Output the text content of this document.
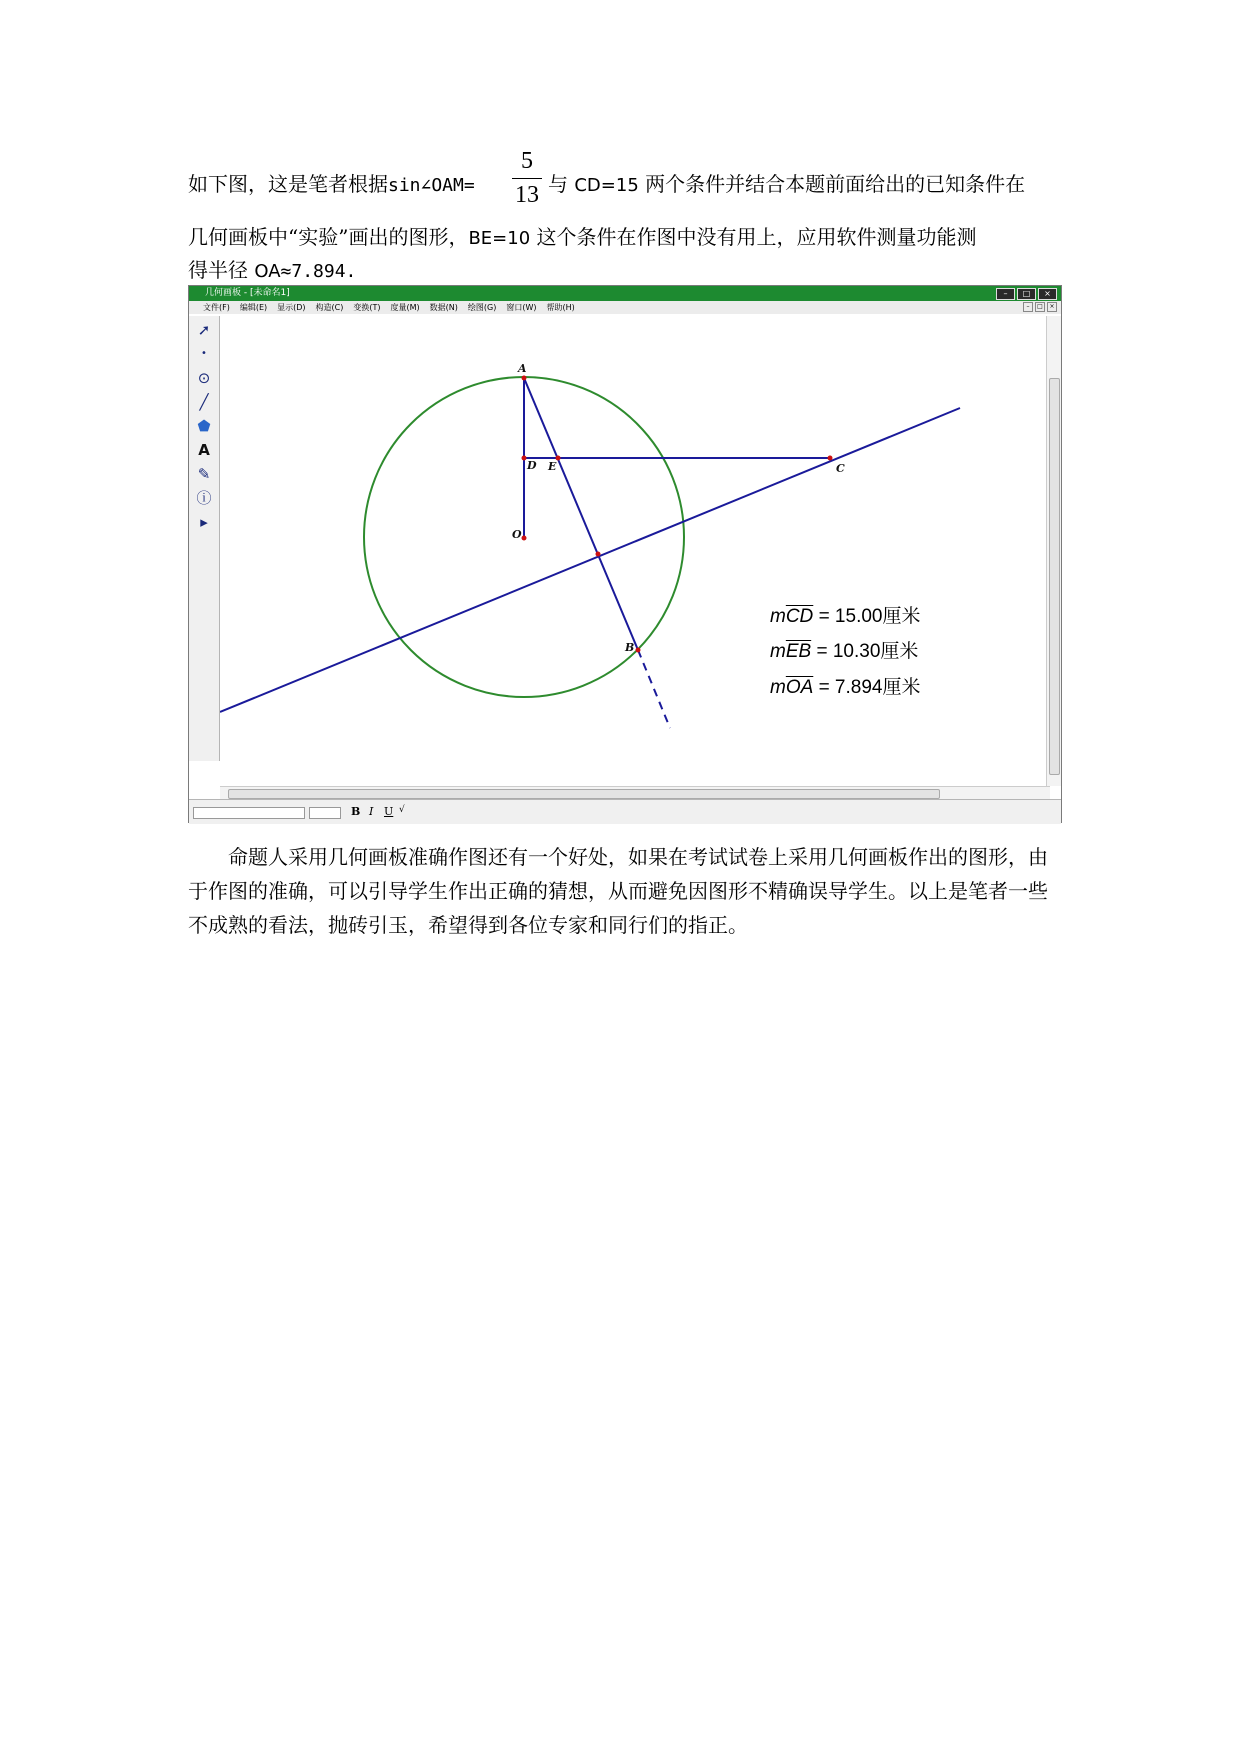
如下图，这是笔者根据sin∠OAM=
5
13 与 CD=15 两个条件并结合本题前面给出的已知条件在
几何画板中“实验”画出的图形，BE=10 这个条件在作图中没有用上，应用软件测量功能测
得半径 OA≈7.894.
几何画板 - [未命名1]	–	□	×
文件(F) 编辑(E) 显示(D) 构造(C) 变换(T) 度量(M) 数据(N) 绘图(G) 窗口(W) 帮助(H)	–	□	×
➚
•
⊙
╱
⬟
A
✎
ⓘ
▸
A
D E	C
O
B
$m\overline{CD} = 15.00$厘米
$m\overline{EB} = 10.30$厘米
$m\overline{OA} = 7.894$厘米
B I U √
命题人采用几何画板准确作图还有一个好处，如果在考试试卷上采用几何画板作出的图形，由于作图的准确，可以引导学生作出正确的猜想，从而避免因图形不精确误导学生。以上是笔者一些不成熟的看法，抛砖引玉，希望得到各位专家和同行们的指正。
